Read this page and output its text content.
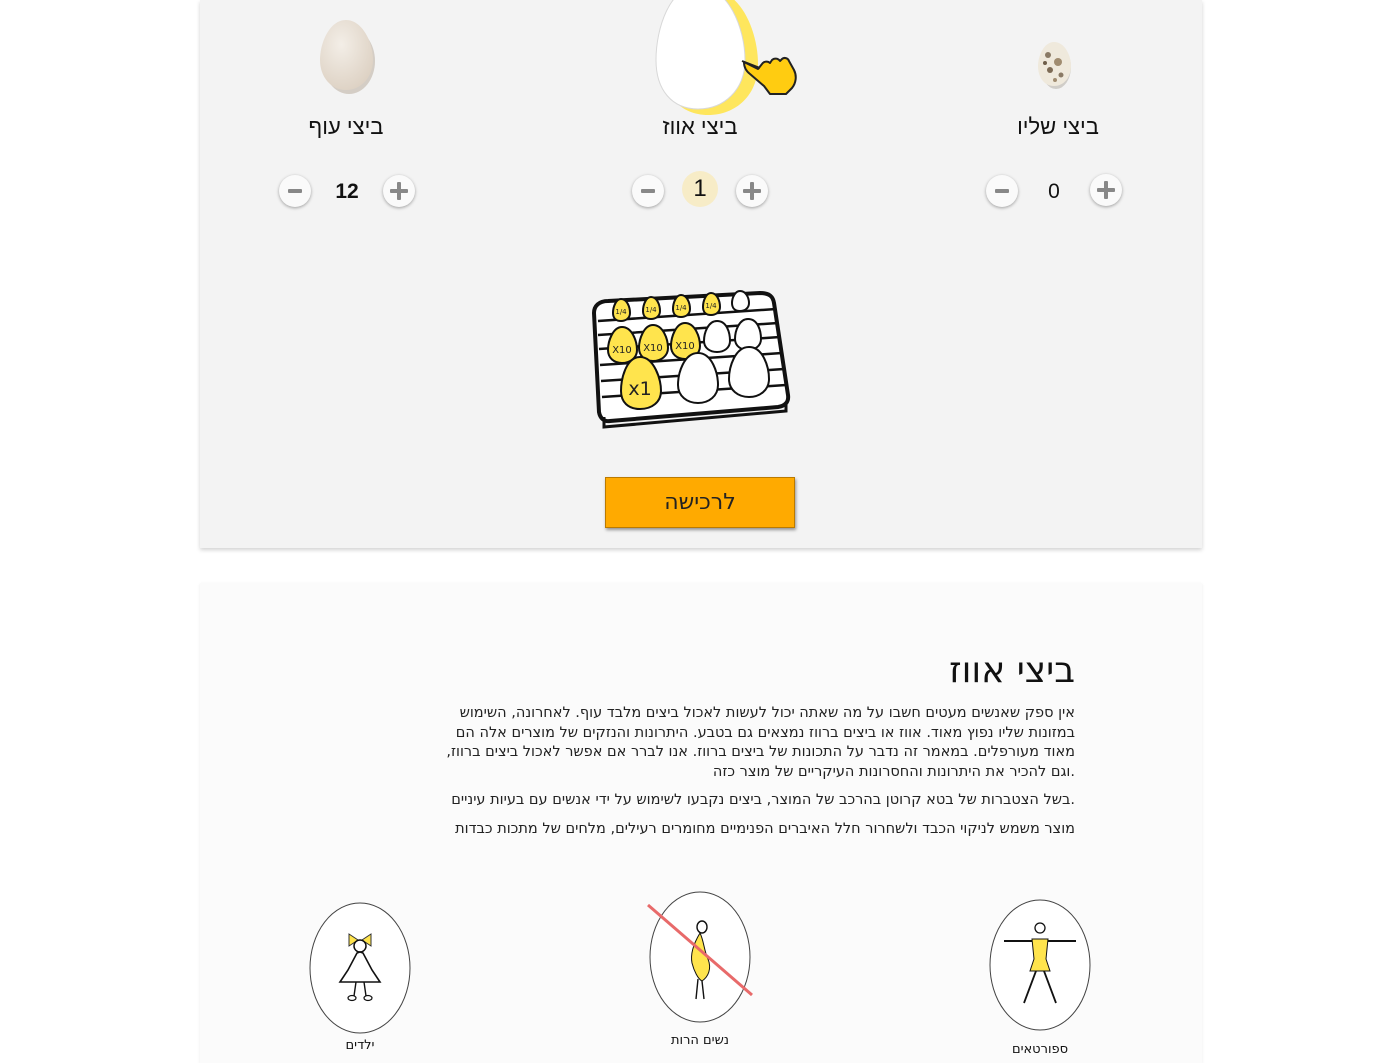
ביצי עוף
12
ביצי אווז
1
ביצי שליו
0
1/4	1/4	1/4	1/4
X10 X10 X10
x1
לרכישה
ביצי אווז

אין ספק שאנשים מעטים חשבו על מה שאתה יכול לעשות לאכול ביצים מלבד עוף. לאחרונה, השימוש במזונות שליו נפוץ מאוד. אווז או ביצים ברווז נמצאים גם בטבע. היתרונות והנזקים של מוצרים אלה הם מאוד מעורפלים. במאמר זה נדבר על התכונות של ביצים ברווז. אנו לברר אם אפשר לאכול ביצים ברווז, .וגם להכיר את היתרונות והחסרונות העיקריים של מוצר כזה

.בשל הצטברות של בטא קרוטן בהרכב של המוצר, ביצים נקבעו לשימוש על ידי אנשים עם בעיות עיניים

מוצר משמש לניקוי הכבד ולשחרור חלל האיברים הפנימיים מחומרים רעילים, מלחים של מתכות כבדות

ילדים	נשים הרות
ספורטאים
